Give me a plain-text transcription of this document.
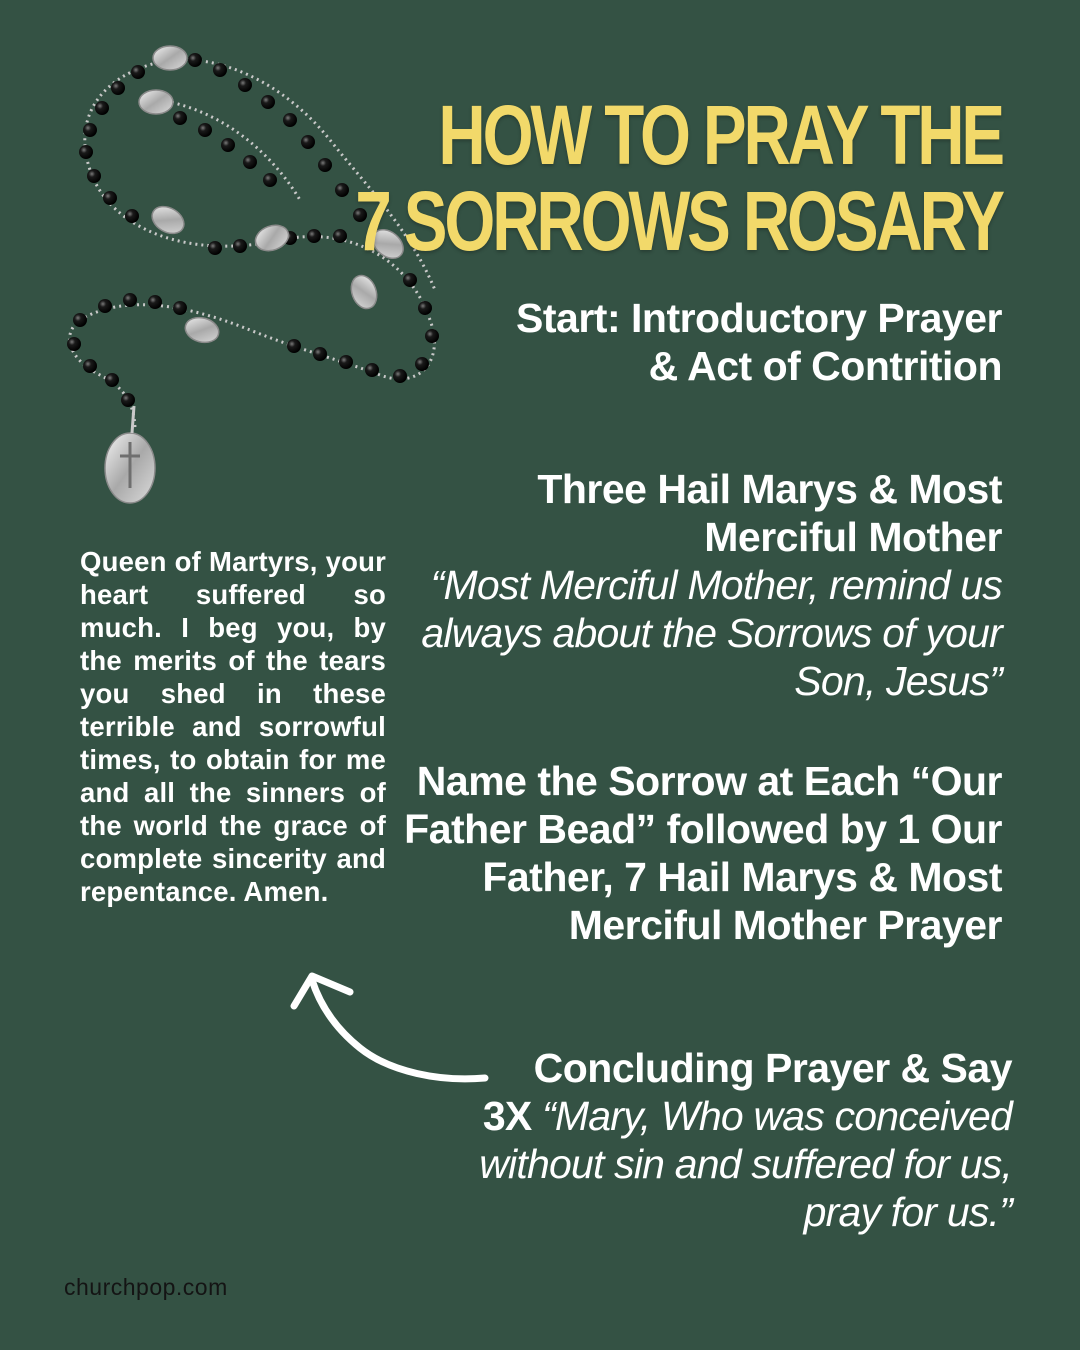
HOW TO PRAY THE
7 SORROWS ROSARY
Start: Introductory Prayer & Act of Contrition
Three Hail Marys & Most Merciful Mother
“Most Merciful Mother, remind us always about the Sorrows of your Son, Jesus”
Name the Sorrow at Each “Our Father Bead” followed by 1 Our Father, 7 Hail Marys & Most Merciful Mother Prayer
Concluding Prayer & Say
3X “Mary, Who was conceived without sin and suffered for us, pray for us.”
Queen of Martyrs, your heart suffered so much. I beg you, by the merits of the tears you shed in these terrible and sorrowful times, to obtain for me and all the sinners of the world the grace of complete sincerity and repentance. Amen.
churchpop.com
